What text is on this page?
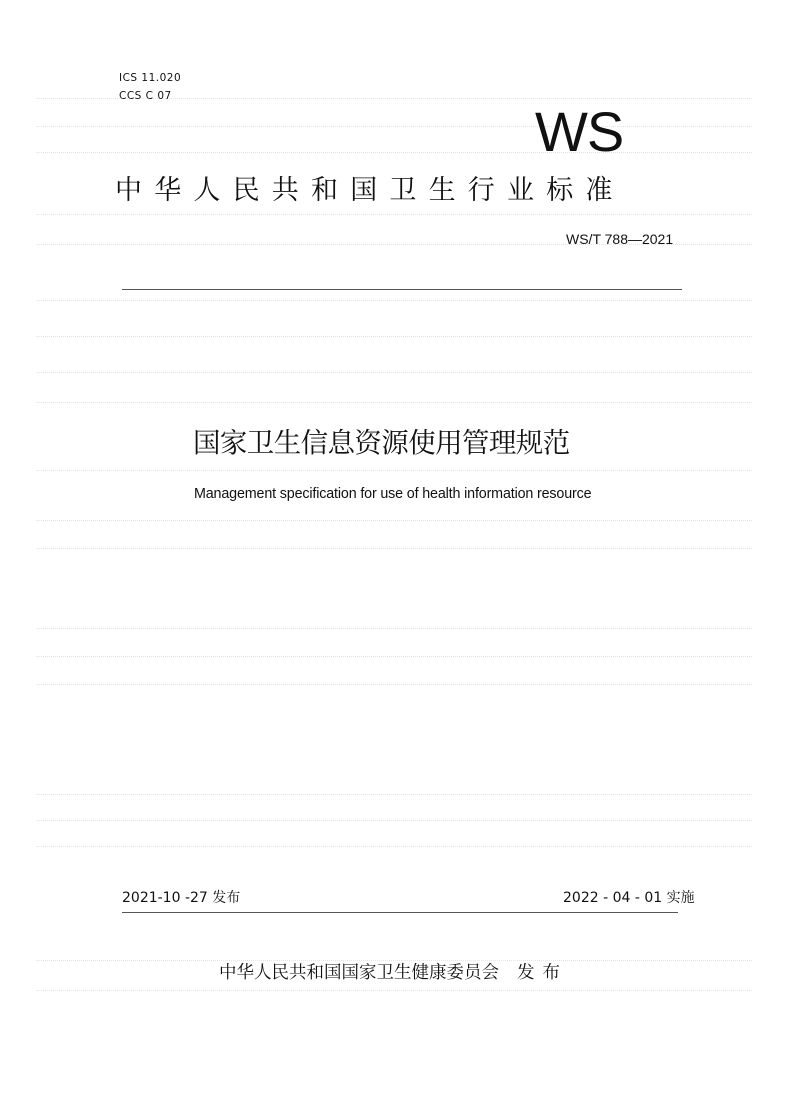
ICS 11.020
CCS C 07
WS
中华人民共和国卫生行业标准
WS/T 788—2021
国家卫生信息资源使用管理规范
Management specification for use of health information resource
2021-10 -27 发布	2022 - 04 - 01 实施
中华人民共和国国家卫生健康委员会 发布
